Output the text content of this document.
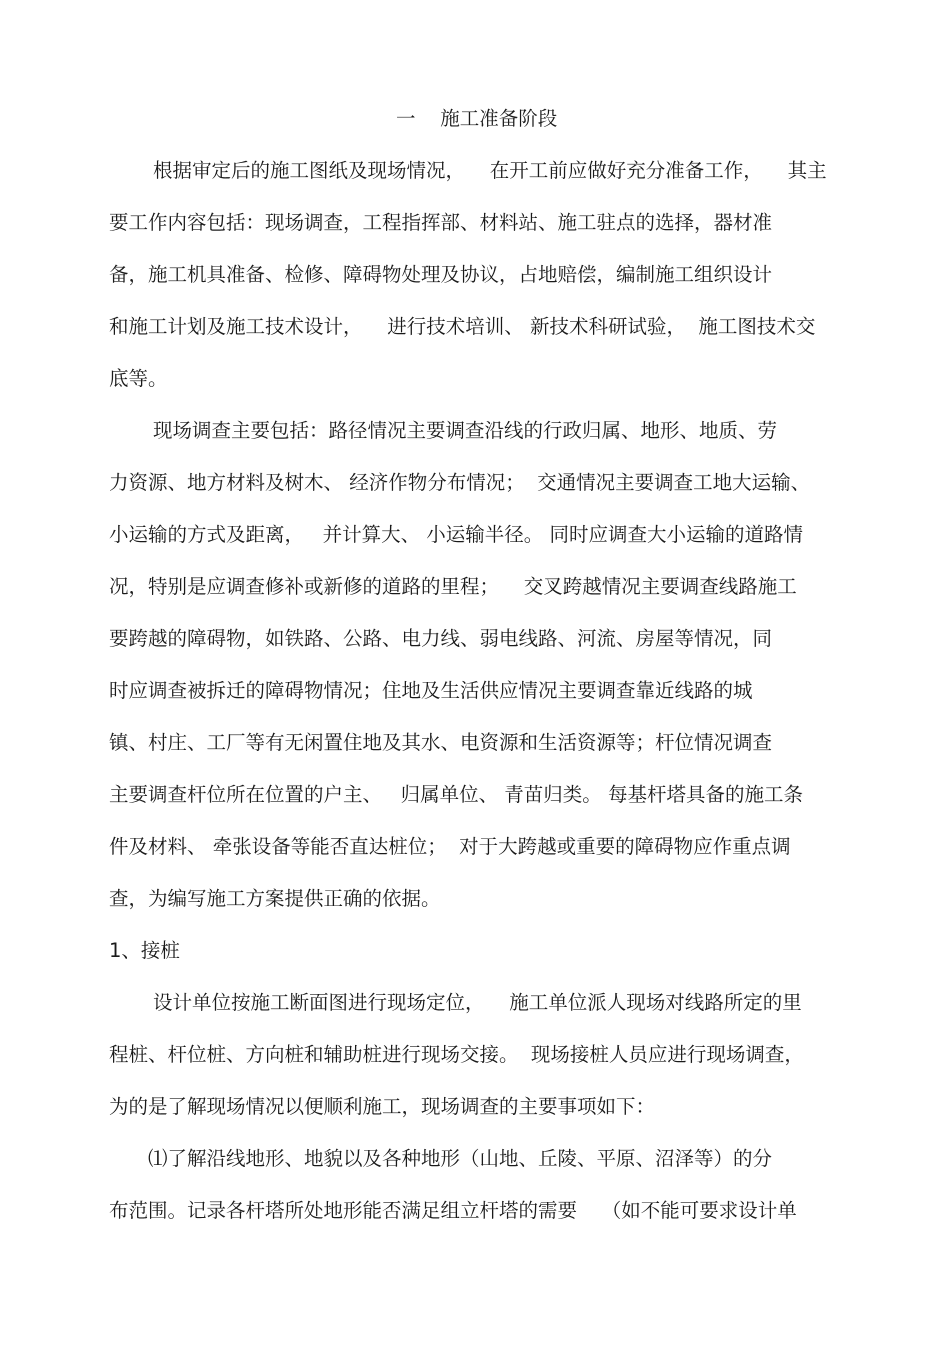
一    施工准备阶段
根据审定后的施工图纸及现场情况，    在开工前应做好充分准备工作，    其主
要工作内容包括：现场调查，工程指挥部、材料站、施工驻点的选择，器材准
备，施工机具准备、检修、障碍物处理及协议，占地赔偿，编制施工组织设计
和施工计划及施工技术设计，    进行技术培训、 新技术科研试验，  施工图技术交
底等。
现场调查主要包括：路径情况主要调查沿线的行政归属、地形、地质、劳
力资源、地方材料及树木、 经济作物分布情况；  交通情况主要调查工地大运输、
小运输的方式及距离，   并计算大、 小运输半径。 同时应调查大小运输的道路情
况，特别是应调查修补或新修的道路的里程；    交叉跨越情况主要调查线路施工
要跨越的障碍物，如铁路、公路、电力线、弱电线路、河流、房屋等情况，同
时应调查被拆迁的障碍物情况；住地及生活供应情况主要调查靠近线路的城
镇、村庄、工厂等有无闲置住地及其水、电资源和生活资源等；杆位情况调查
主要调查杆位所在位置的户主、   归属单位、 青苗归类。 每基杆塔具备的施工条
件及材料、 牵张设备等能否直达桩位；  对于大跨越或重要的障碍物应作重点调
查，为编写施工方案提供正确的依据。
1、接桩
设计单位按施工断面图进行现场定位，    施工单位派人现场对线路所定的里
程桩、杆位桩、方向桩和辅助桩进行现场交接。  现场接桩人员应进行现场调查，
为的是了解现场情况以便顺利施工，现场调查的主要事项如下：
⑴了解沿线地形、地貌以及各种地形（山地、丘陵、平原、沼泽等）的分
布范围。记录各杆塔所处地形能否满足组立杆塔的需要    （如不能可要求设计单
